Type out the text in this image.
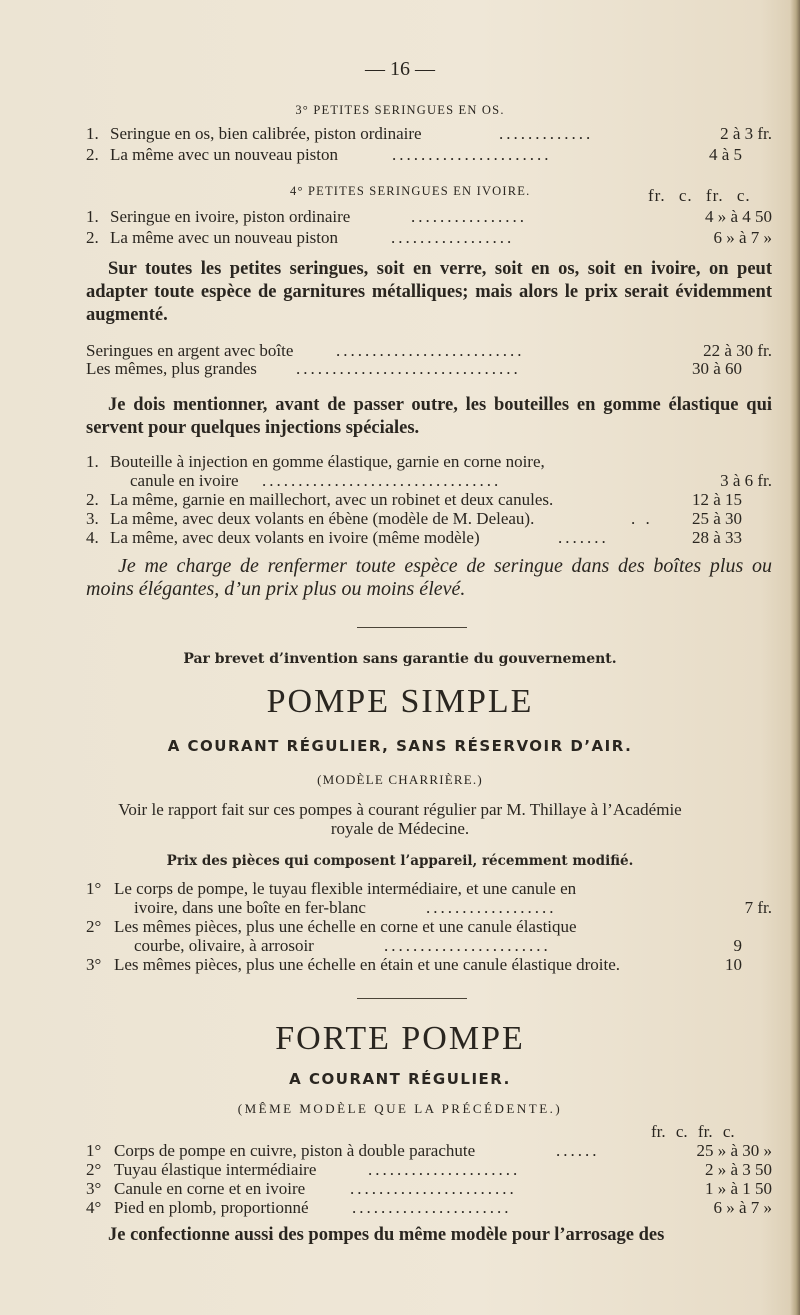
— 16 —
3° PETITES SERINGUES EN OS.
1. Seringue en os, bien calibrée, piston ordinaire	.............	2 à 3 fr.
2. La même avec un nouveau piston	......................	4 à 5
4° PETITES SERINGUES EN IVOIRE.	fr. c. fr. c.
1. Seringue en ivoire, piston ordinaire	................	4 » à 4 50
2. La même avec un nouveau piston	.................	6 » à 7 »
Sur toutes les petites seringues, soit en verre, soit en os, soit en ivoire, on peut adapter toute espèce de garnitures métalliques; mais alors le prix serait évidemment augmenté.
Seringues en argent avec boîte	..........................	22 à 30 fr.
Les mêmes, plus grandes ...............................	30 à 60
Je dois mentionner, avant de passer outre, les bouteilles en gomme élastique qui servent pour quelques injections spéciales.
1. Bouteille à injection en gomme élastique, garnie en corne noire,
canule en ivoire .................................	3 à 6 fr.
2. La même, garnie en maillechort, avec un robinet et deux canules.	12 à 15
3. La même, avec deux volants en ébène (modèle de M. Deleau).	. . 25 à 30
4. La même, avec deux volants en ivoire (même modèle)	.......	28 à 33
Je me charge de renfermer toute espèce de seringue dans des boîtes plus ou moins élégantes, d’un prix plus ou moins élevé.
Par brevet d’invention sans garantie du gouvernement.
POMPE SIMPLE
A COURANT RÉGULIER, SANS RÉSERVOIR D’AIR.
(MODÈLE CHARRIÈRE.)
Voir le rapport fait sur ces pompes à courant régulier par M. Thillaye à l’Académie
royale de Médecine.
Prix des pièces qui composent l’appareil, récemment modifié.
1° Le corps de pompe, le tuyau flexible intermédiaire, et une canule en
ivoire, dans une boîte en fer-blanc	..................	7 fr.
2° Les mêmes pièces, plus une échelle en corne et une canule élastique
courbe, olivaire, à arrosoir	.......................	9
3° Les mêmes pièces, plus une échelle en étain et une canule élastique droite.	10
FORTE POMPE
A COURANT RÉGULIER.
(MÊME MODÈLE QUE LA PRÉCÉDENTE.)
fr. c. fr. c.
1° Corps de pompe en cuivre, piston à double parachute	......	25 » à 30 »
2° Tuyau élastique intermédiaire	.....................	2 » à 3 50
3° Canule en corne et en ivoire	.......................	1 » à 1 50
4° Pied en plomb, proportionné	......................	6 » à 7 »
Je confectionne aussi des pompes du même modèle pour l’arrosage des
